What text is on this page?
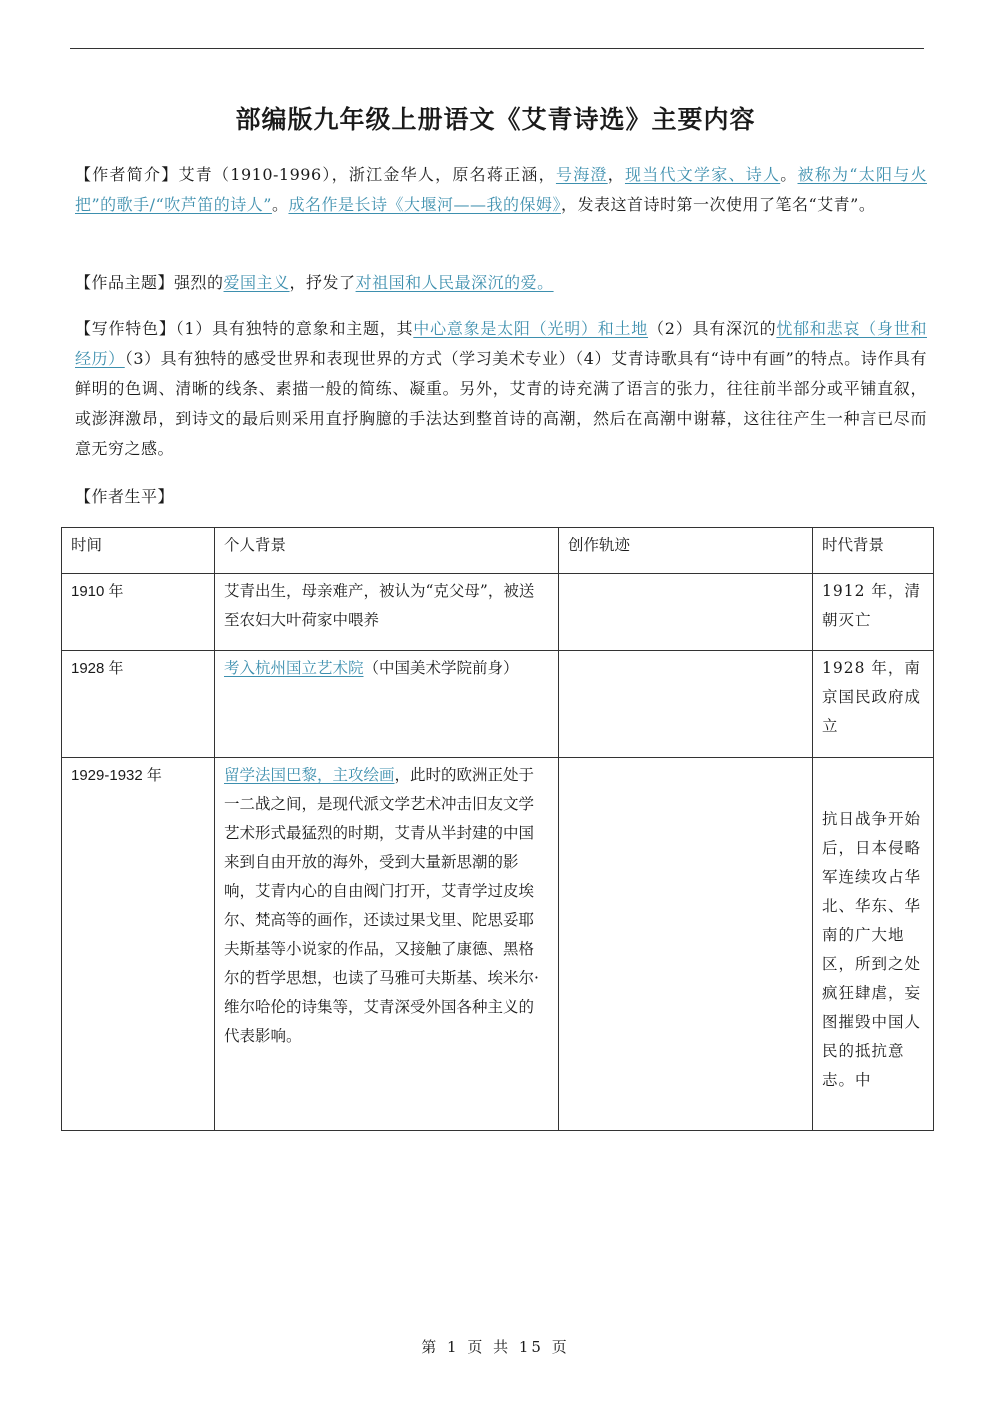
部编版九年级上册语文《艾青诗选》主要内容
【作者简介】艾青（1910-1996），浙江金华人，原名蒋正涵，号海澄，现当代文学家、诗人。被称为“太阳与火把”的歌手/“吹芦笛的诗人”。成名作是长诗《大堰河——我的保姆》，发表这首诗时第一次使用了笔名“艾青”。
【作品主题】强烈的爱国主义，抒发了对祖国和人民最深沉的爱。
【写作特色】（1）具有独特的意象和主题，其中心意象是太阳（光明）和土地（2）具有深沉的忧郁和悲哀（身世和经历）（3）具有独特的感受世界和表现世界的方式（学习美术专业）（4）艾青诗歌具有“诗中有画”的特点。诗作具有鲜明的色调、清晰的线条、素描一般的简练、凝重。另外，艾青的诗充满了语言的张力，往往前半部分或平铺直叙，或澎湃激昂，到诗文的最后则采用直抒胸臆的手法达到整首诗的高潮，然后在高潮中谢幕，这往往产生一种言已尽而意无穷之感。
【作者生平】
时间	个人背景	创作轨迹	时代背景
1910 年	艾青出生，母亲难产，被认为“克父母”，被送至农妇大叶荷家中喂养		1912 年，清朝灭亡
1928 年	考入杭州国立艺术院（中国美术学院前身）		1928 年，南京国民政府成立
1929-1932 年	留学法国巴黎，主攻绘画，此时的欧洲正处于一二战之间，是现代派文学艺术冲击旧友文学艺术形式最猛烈的时期，艾青从半封建的中国来到自由开放的海外，受到大量新思潮的影响，艾青内心的自由阀门打开，艾青学过皮埃尔、梵高等的画作，还读过果戈里、陀思妥耶夫斯基等小说家的作品，又接触了康德、黑格尔的哲学思想，也读了马雅可夫斯基、埃米尔·维尔哈伦的诗集等，艾青深受外国各种主义的代表影响。		抗日战争开始后，日本侵略军连续攻占华北、华东、华南的广大地区，所到之处疯狂肆虐，妄图摧毁中国人民的抵抗意志。中
第 1 页 共 15 页
